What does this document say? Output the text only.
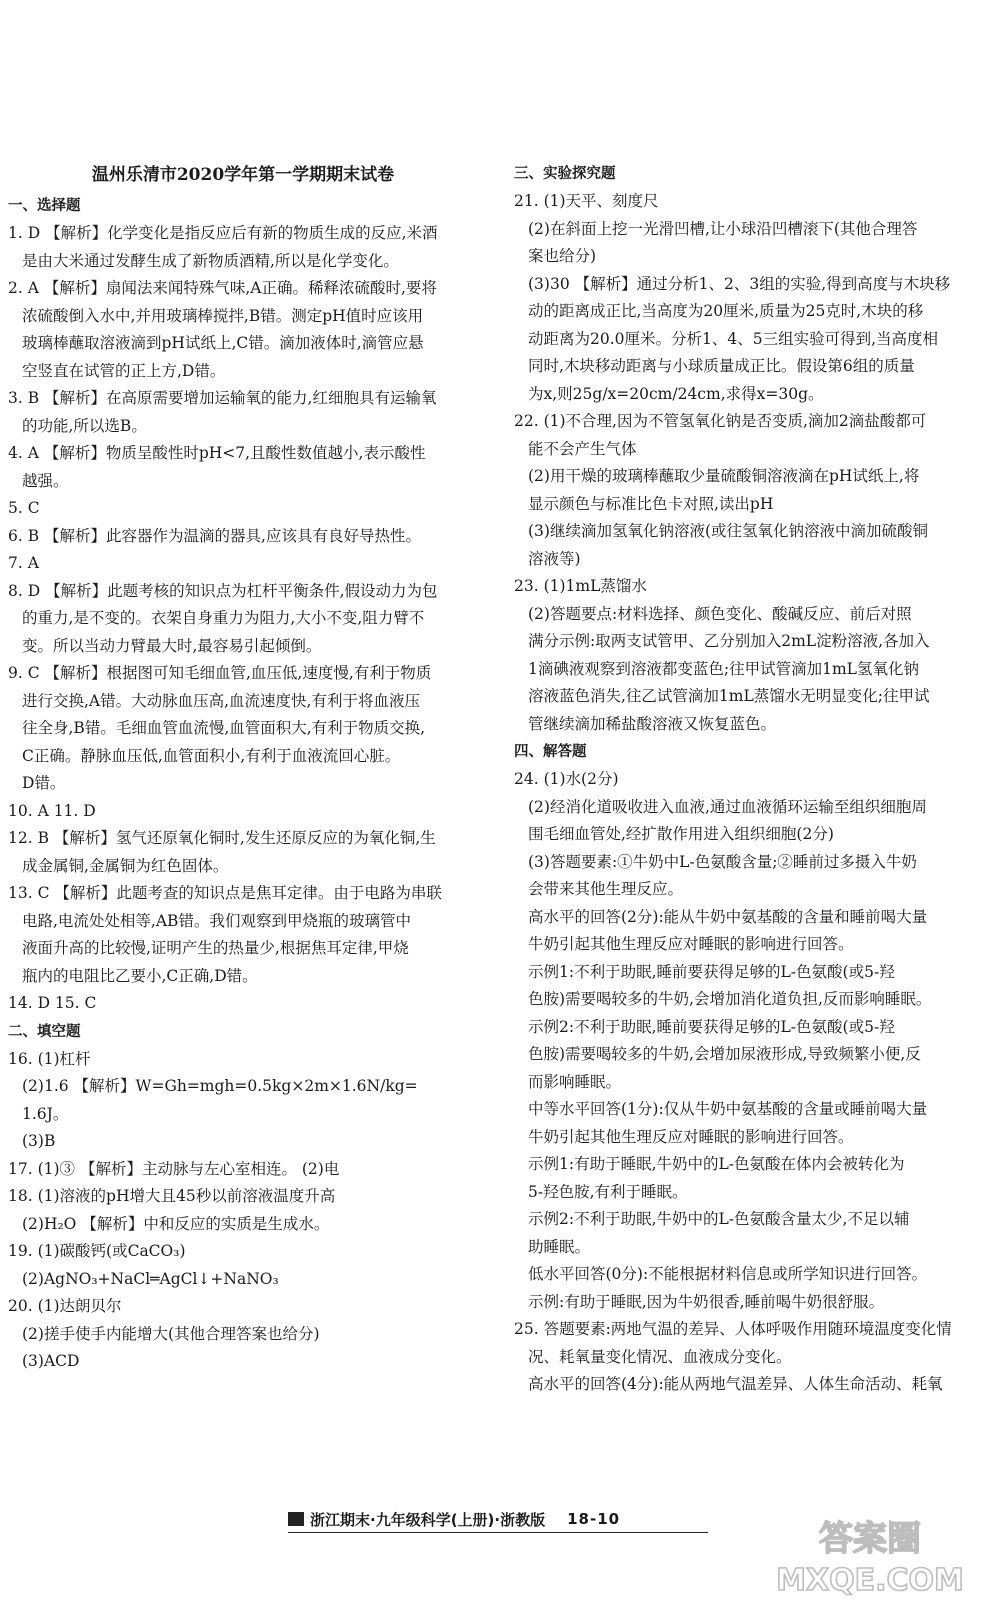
温州乐清市2020学年第一学期期末试卷
一、选择题
1. D 【解析】化学变化是指反应后有新的物质生成的反应,米酒
是由大米通过发酵生成了新物质酒精,所以是化学变化。
2. A 【解析】扇闻法来闻特殊气味,A正确。稀释浓硫酸时,要将
浓硫酸倒入水中,并用玻璃棒搅拌,B错。测定pH值时应该用
玻璃棒蘸取溶液滴到pH试纸上,C错。滴加液体时,滴管应悬
空竖直在试管的正上方,D错。
3. B 【解析】在高原需要增加运输氧的能力,红细胞具有运输氧
的功能,所以选B。
4. A 【解析】物质呈酸性时pH<7,且酸性数值越小,表示酸性
越强。
5. C
6. B 【解析】此容器作为温滴的器具,应该具有良好导热性。
7. A
8. D 【解析】此题考核的知识点为杠杆平衡条件,假设动力为包
的重力,是不变的。衣架自身重力为阻力,大小不变,阻力臂不
变。所以当动力臂最大时,最容易引起倾倒。
9. C 【解析】根据图可知毛细血管,血压低,速度慢,有利于物质
进行交换,A错。大动脉血压高,血流速度快,有利于将血液压
往全身,B错。毛细血管血流慢,血管面积大,有利于物质交换,
C正确。静脉血压低,血管面积小,有利于血液流回心脏。
D错。
10. A 11. D
12. B 【解析】氢气还原氧化铜时,发生还原反应的为氧化铜,生
成金属铜,金属铜为红色固体。
13. C 【解析】此题考查的知识点是焦耳定律。由于电路为串联
电路,电流处处相等,AB错。我们观察到甲烧瓶的玻璃管中
液面升高的比较慢,证明产生的热量少,根据焦耳定律,甲烧
瓶内的电阻比乙要小,C正确,D错。
14. D 15. C
二、填空题
16. (1)杠杆
(2)1.6 【解析】W=Gh=mgh=0.5kg×2m×1.6N/kg=
1.6J。
(3)B
17. (1)③ 【解析】主动脉与左心室相连。 (2)电
18. (1)溶液的pH增大且45秒以前溶液温度升高
(2)H₂O 【解析】中和反应的实质是生成水。
19. (1)碳酸钙(或CaCO₃)
(2)AgNO₃+NaCl═AgCl↓+NaNO₃
20. (1)达朗贝尔
(2)搓手使手内能增大(其他合理答案也给分)
(3)ACD
三、实验探究题
21. (1)天平、刻度尺
(2)在斜面上挖一光滑凹槽,让小球沿凹槽滚下(其他合理答
案也给分)
(3)30 【解析】通过分析1、2、3组的实验,得到高度与木块移
动的距离成正比,当高度为20厘米,质量为25克时,木块的移
动距离为20.0厘米。分析1、4、5三组实验可得到,当高度相
同时,木块移动距离与小球质量成正比。假设第6组的质量
为x,则25g/x=20cm/24cm,求得x=30g。
22. (1)不合理,因为不管氢氧化钠是否变质,滴加2滴盐酸都可
能不会产生气体
(2)用干燥的玻璃棒蘸取少量硫酸铜溶液滴在pH试纸上,将
显示颜色与标准比色卡对照,读出pH
(3)继续滴加氢氧化钠溶液(或往氢氧化钠溶液中滴加硫酸铜
溶液等)
23. (1)1mL蒸馏水
(2)答题要点:材料选择、颜色变化、酸碱反应、前后对照
满分示例:取两支试管甲、乙分别加入2mL淀粉溶液,各加入
1滴碘液观察到溶液都变蓝色;往甲试管滴加1mL氢氧化钠
溶液蓝色消失,往乙试管滴加1mL蒸馏水无明显变化;往甲试
管继续滴加稀盐酸溶液又恢复蓝色。
四、解答题
24. (1)水(2分)
(2)经消化道吸收进入血液,通过血液循环运输至组织细胞周
围毛细血管处,经扩散作用进入组织细胞(2分)
(3)答题要素:①牛奶中L-色氨酸含量;②睡前过多摄入牛奶
会带来其他生理反应。
高水平的回答(2分):能从牛奶中氨基酸的含量和睡前喝大量
牛奶引起其他生理反应对睡眠的影响进行回答。
示例1:不利于助眠,睡前要获得足够的L-色氨酸(或5-羟
色胺)需要喝较多的牛奶,会增加消化道负担,反而影响睡眠。
示例2:不利于助眠,睡前要获得足够的L-色氨酸(或5-羟
色胺)需要喝较多的牛奶,会增加尿液形成,导致频繁小便,反
而影响睡眠。
中等水平回答(1分):仅从牛奶中氨基酸的含量或睡前喝大量
牛奶引起其他生理反应对睡眠的影响进行回答。
示例1:有助于睡眠,牛奶中的L-色氨酸在体内会被转化为
5-羟色胺,有利于睡眠。
示例2:不利于助眠,牛奶中的L-色氨酸含量太少,不足以辅
助睡眠。
低水平回答(0分):不能根据材料信息或所学知识进行回答。
示例:有助于睡眠,因为牛奶很香,睡前喝牛奶很舒服。
25. 答题要素:两地气温的差异、人体呼吸作用随环境温度变化情
况、耗氧量变化情况、血液成分变化。
高水平的回答(4分):能从两地气温差异、人体生命活动、耗氧
浙江期末·九年级科学(上册)·浙教版 18-10	答案圈
MXQE.COM
